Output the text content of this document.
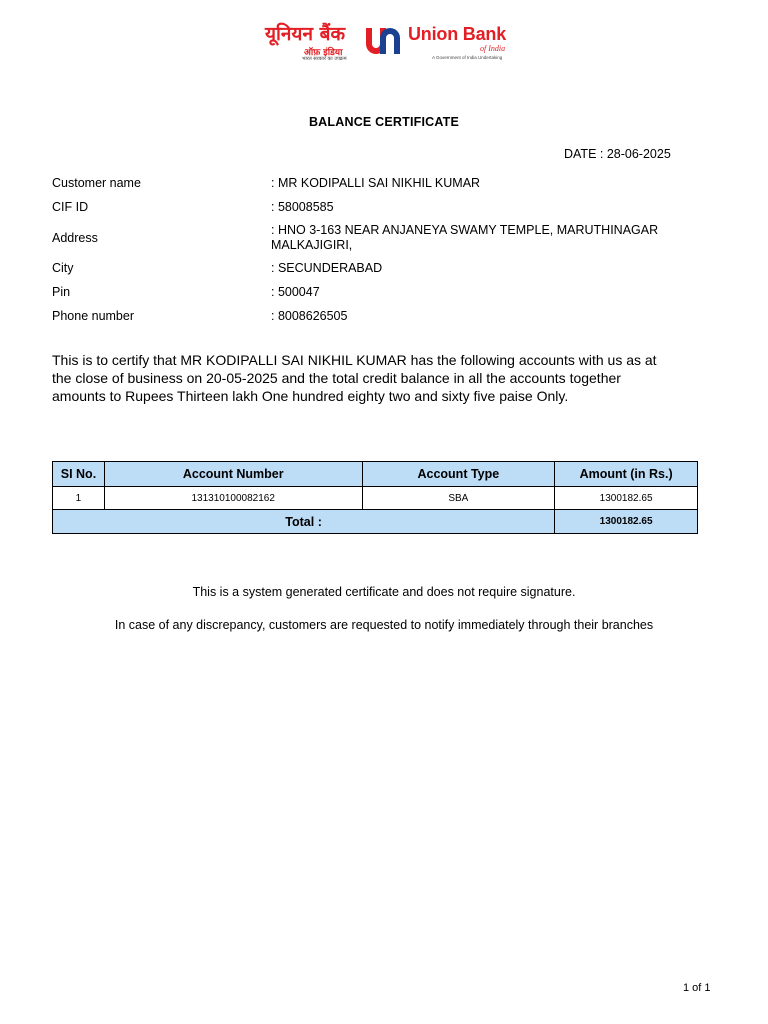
यूनियन बैंक
ऑफ़ इंडिया
भारत सरकार का उपक्रम
Union Bank
of India
A Government of India Undertaking
BALANCE CERTIFICATE
DATE : 28-06-2025
Customer name	: MR KODIPALLI SAI NIKHIL KUMAR
CIF ID	: 58008585
Address
: HNO 3-163 NEAR ANJANEYA SWAMY TEMPLE, MARUTHINAGAR MALKAJIGIRI,
City	: SECUNDERABAD
Pin	: 500047
Phone number	: 8008626505
This is to certify that MR KODIPALLI SAI NIKHIL KUMAR has the following accounts with us as at the close of business on 20-05-2025 and the total credit balance in all the accounts together amounts to Rupees Thirteen lakh One hundred eighty two and sixty five paise Only.
SI No.	Account Number	Account Type	Amount (in Rs.)
1	131310100082162	SBA	1300182.65
Total :			1300182.65
This is a system generated certificate and does not require signature.
In case of any discrepancy, customers are requested to notify immediately through their branches
1 of 1
